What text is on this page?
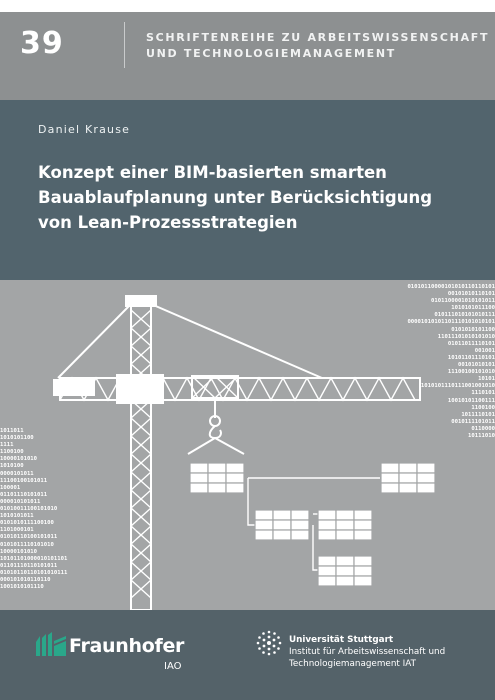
39	SCHRIFTENREIHE ZU ARBEITSWISSENSCHAFT
UND TECHNOLOGIEMANAGEMENT
Daniel Krause
Konzept einer BIM-basierten smarten
Bauablaufplanung unter Berücksichtigung
von Lean-Prozessstrategien
1011011
1010101100
1111
1100100
10000101010
1010100
0000101011
11100100101011
100001
01101110101011
000010101011
01010011100101010
1010101011
0101010111100100
1101000101
01010110100101011
0101011110101010
10000101010
10101101000010101101
01101110110101011
01010110110101010111
000101010110110
1001010101110
01010110000101010110110101
00101010110101
0101100001010101011
1010101011100
010111010101010111
00001010101101110101010101
0101010101100
11011101010101010
01011011110101
001001
10101101110101
00101010101
11100100101010
10101
1010101110111001001010
1110101
10010101100111
1100100
1011110101
0010111101011
0110000
10111010
Fraunhofer
IAO
Universität Stuttgart
Institut für Arbeitswissenschaft und
Technologiemanagement IAT
